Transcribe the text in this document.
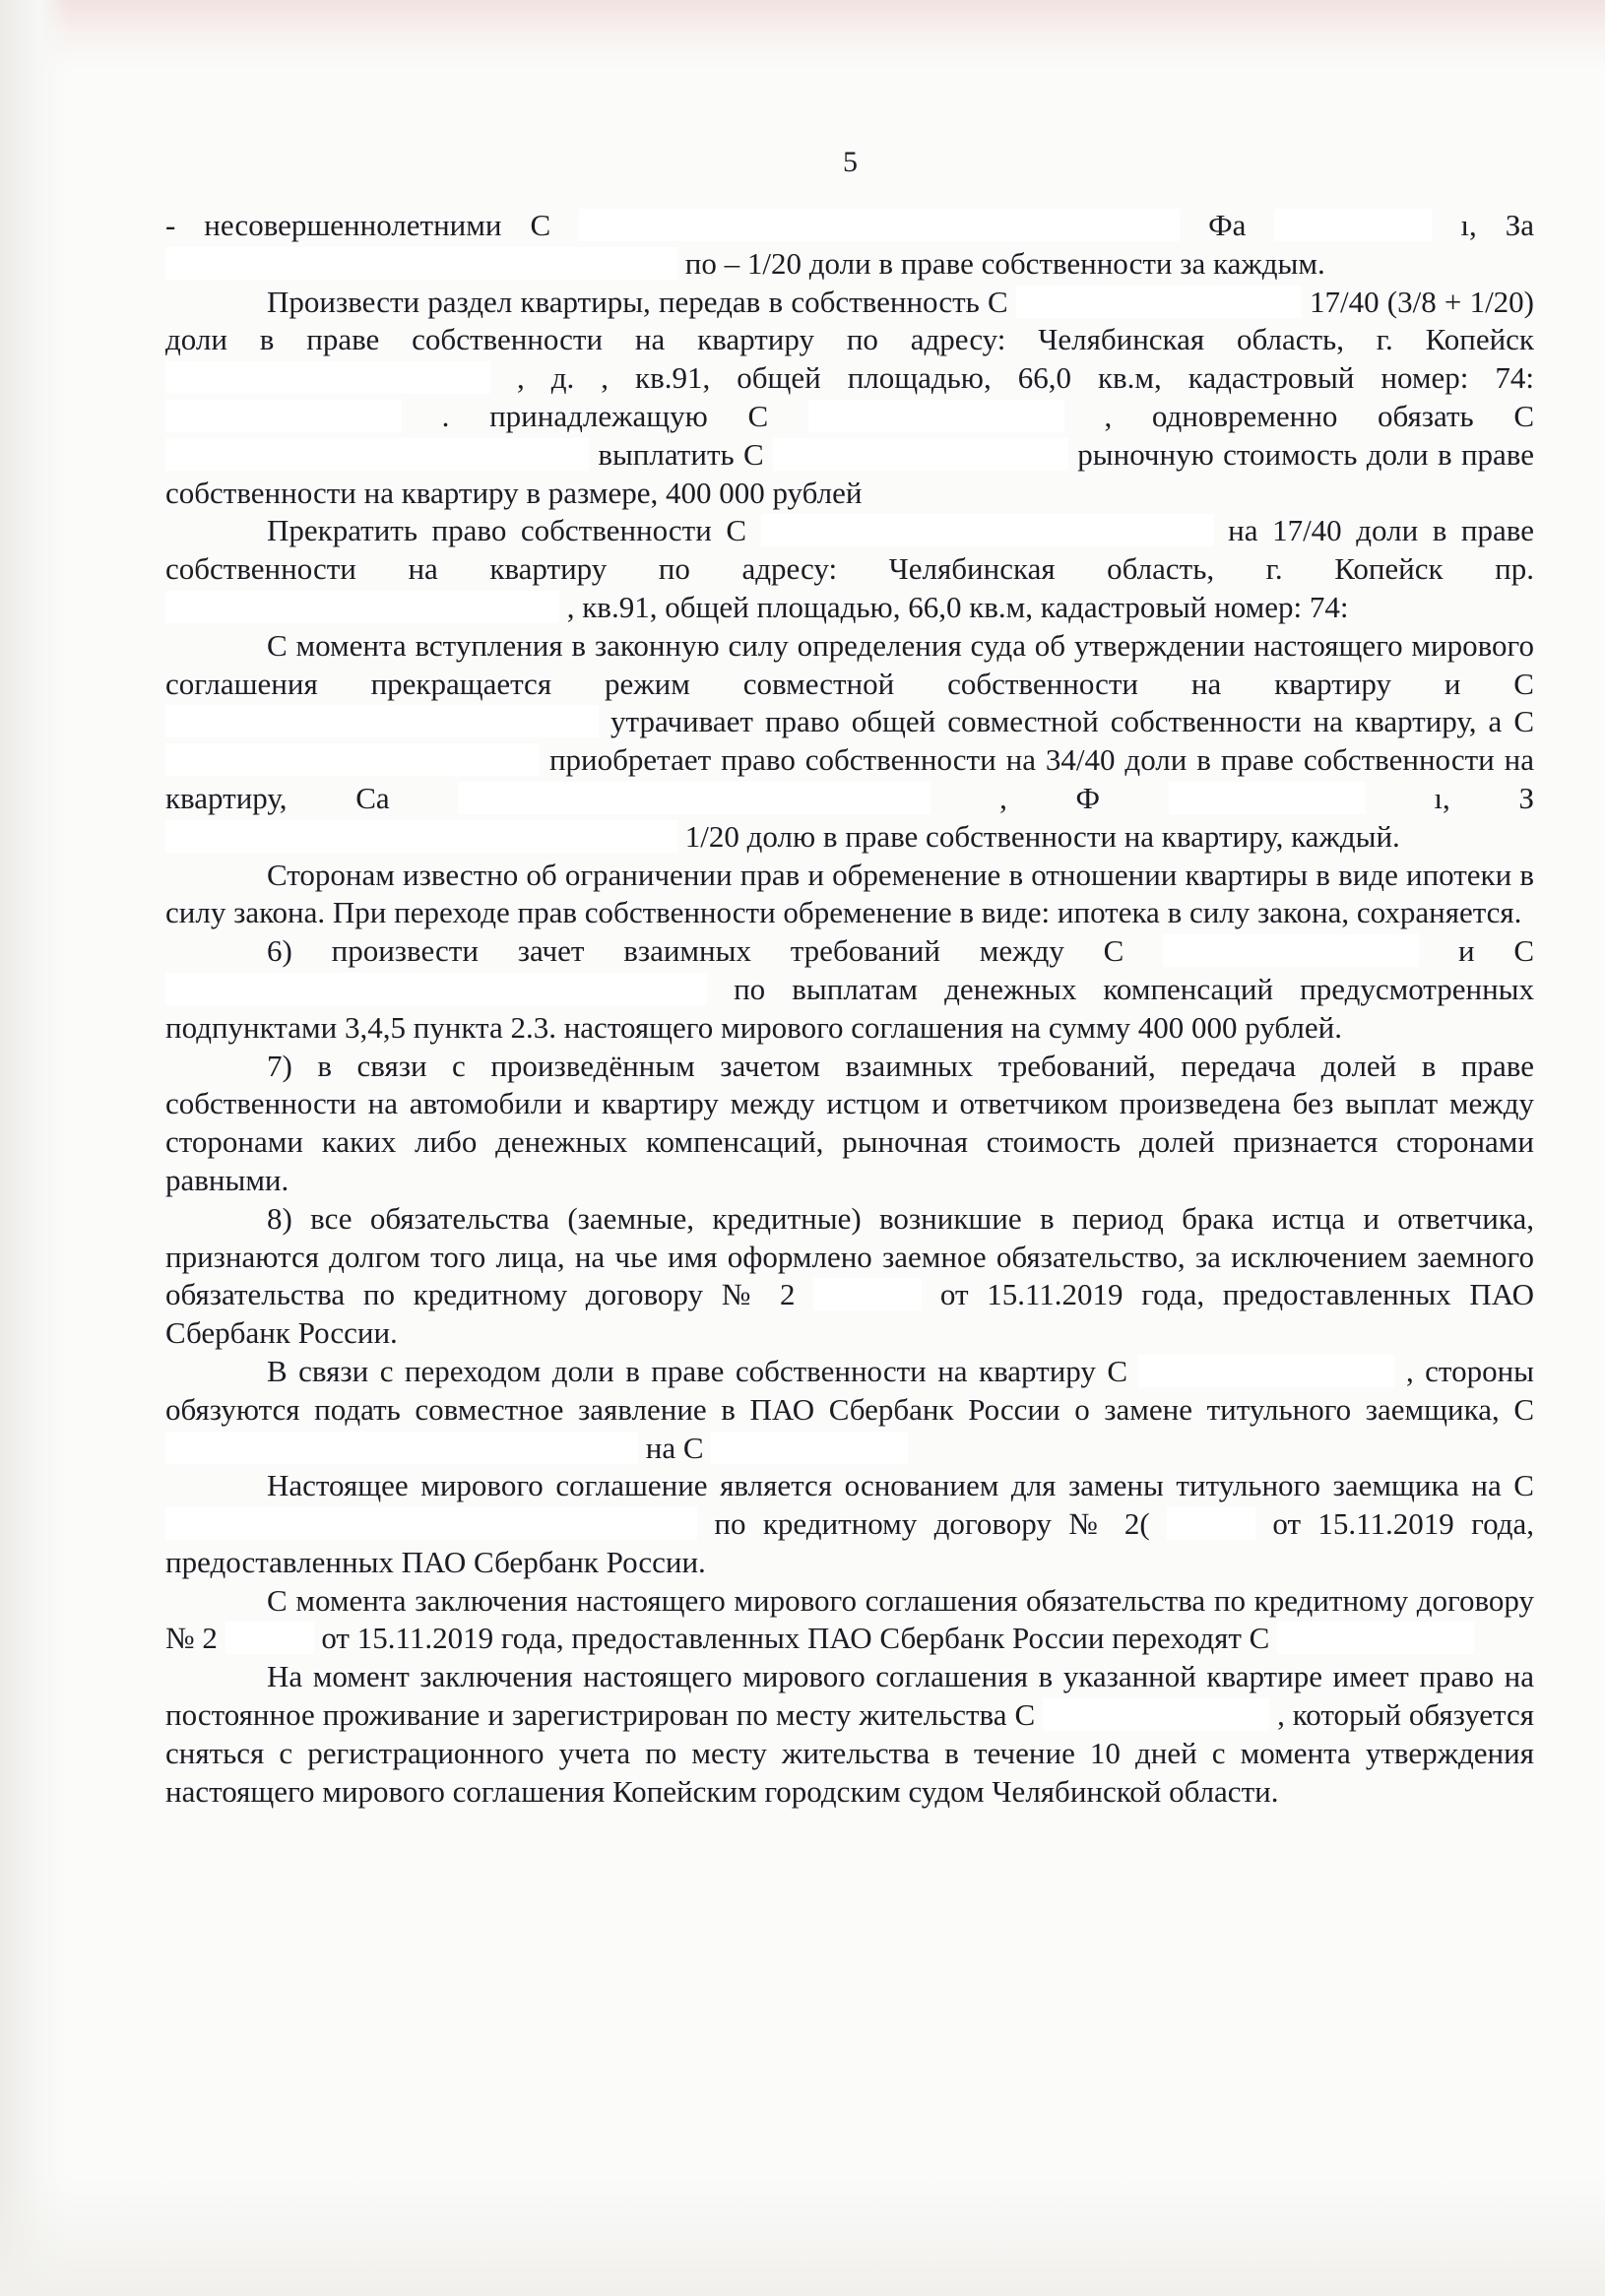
5

- несовершеннолетними С	Фа	ı, За  по – 1/20 доли в праве собственности за каждым.

Произвести раздел квартиры, передав в собственность С	17/40 (3/8 + 1/20) доли в праве собственности на квартиру по адресу: Челябинская область, г. Копейск  , д. , кв.91, общей площадью, 66,0 кв.м, кадастровый номер: 74:  . принадлежащую С	, одновременно обязать С  выплатить С	рыночную стоимость доли в праве собственности на квартиру в размере, 400 000 рублей

Прекратить право собственности С	на 17/40 доли в праве собственности на квартиру по адресу: Челябинская область, г. Копейск пр.  , кв.91, общей площадью, 66,0 кв.м, кадастровый номер: 74:

С момента вступления в законную силу определения суда об утверждении настоящего мирового соглашения прекращается режим совместной собственности на квартиру и С  утрачивает право общей совместной собственности на квартиру, а С  приобретает право собственности на 34/40 доли в праве собственности на квартиру, Са	, Ф	ı, З  1/20 долю в праве собственности на квартиру, каждый.

Сторонам известно об ограничении прав и обременение в отношении квартиры в виде ипотеки в силу закона. При переходе прав собственности обременение в виде: ипотека в силу закона, сохраняется.

6) произвести зачет взаимных требований между С	и С  по выплатам денежных компенсаций предусмотренных подпунктами 3,4,5 пункта 2.3. настоящего мирового соглашения на сумму 400 000 рублей.

7) в связи с произведённым зачетом взаимных требований, передача долей в праве собственности на автомобили и квартиру между истцом и ответчиком произведена без выплат между сторонами каких либо денежных компенсаций, рыночная стоимость долей признается сторонами равными.

8) все обязательства (заемные, кредитные) возникшие в период брака истца и ответчика, признаются долгом того лица, на чье имя оформлено заемное обязательство, за исключением заемного обязательства по кредитному договору № 2	от 15.11.2019 года, предоставленных ПАО Сбербанк России.

В связи с переходом доли в праве собственности на квартиру С	, стороны обязуются подать совместное заявление в ПАО Сбербанк России о замене титульного заемщика, С  на С

Настоящее мирового соглашение является основанием для замены титульного заемщика на С  по кредитному договору № 2(	от 15.11.2019 года, предоставленных ПАО Сбербанк России.

С момента заключения настоящего мирового соглашения обязательства по кредитному договору № 2	от 15.11.2019 года, предоставленных ПАО Сбербанк России переходят С

На момент заключения настоящего мирового соглашения в указанной квартире имеет право на постоянное проживание и зарегистрирован по месту жительства С	, который обязуется сняться с регистрационного учета по месту жительства в течение 10 дней с момента утверждения настоящего мирового соглашения Копейским городским судом Челябинской области.
